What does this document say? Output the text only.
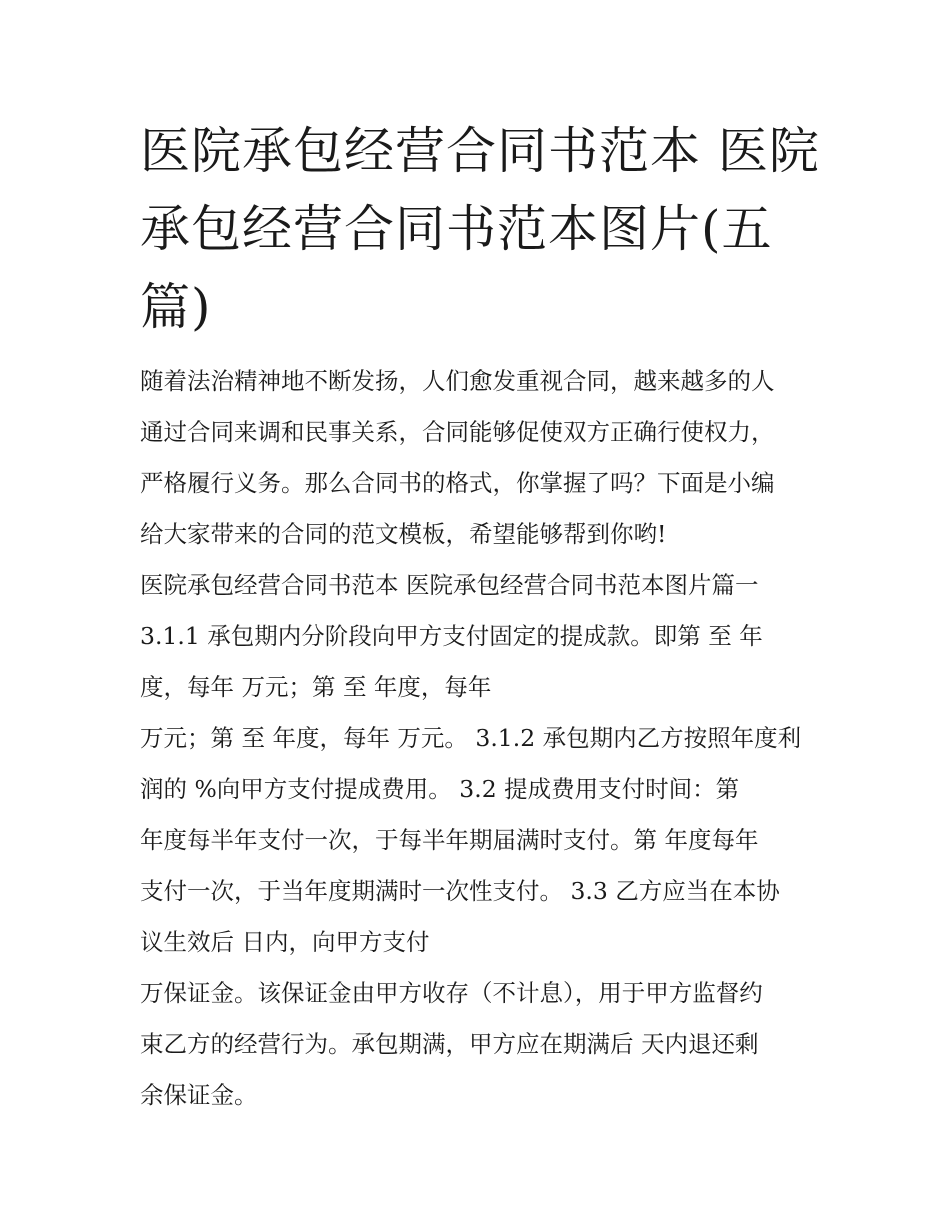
医院承包经营合同书范本 医院
承包经营合同书范本图片(五
篇)
随着法治精神地不断发扬，人们愈发重视合同，越来越多的人
通过合同来调和民事关系，合同能够促使双方正确行使权力，
严格履行义务。那么合同书的格式，你掌握了吗？下面是小编
给大家带来的合同的范文模板，希望能够帮到你哟!
医院承包经营合同书范本 医院承包经营合同书范本图片篇一
3.1.1 承包期内分阶段向甲方支付固定的提成款。即第 至 年
度，每年 万元；第 至 年度，每年
万元；第 至 年度，每年 万元。 3.1.2 承包期内乙方按照年度利
润的 %向甲方支付提成费用。 3.2 提成费用支付时间：第
年度每半年支付一次，于每半年期届满时支付。第 年度每年
支付一次，于当年度期满时一次性支付。 3.3 乙方应当在本协
议生效后 日内，向甲方支付
万保证金。该保证金由甲方收存（不计息），用于甲方监督约
束乙方的经营行为。承包期满，甲方应在期满后 天内退还剩
余保证金。
